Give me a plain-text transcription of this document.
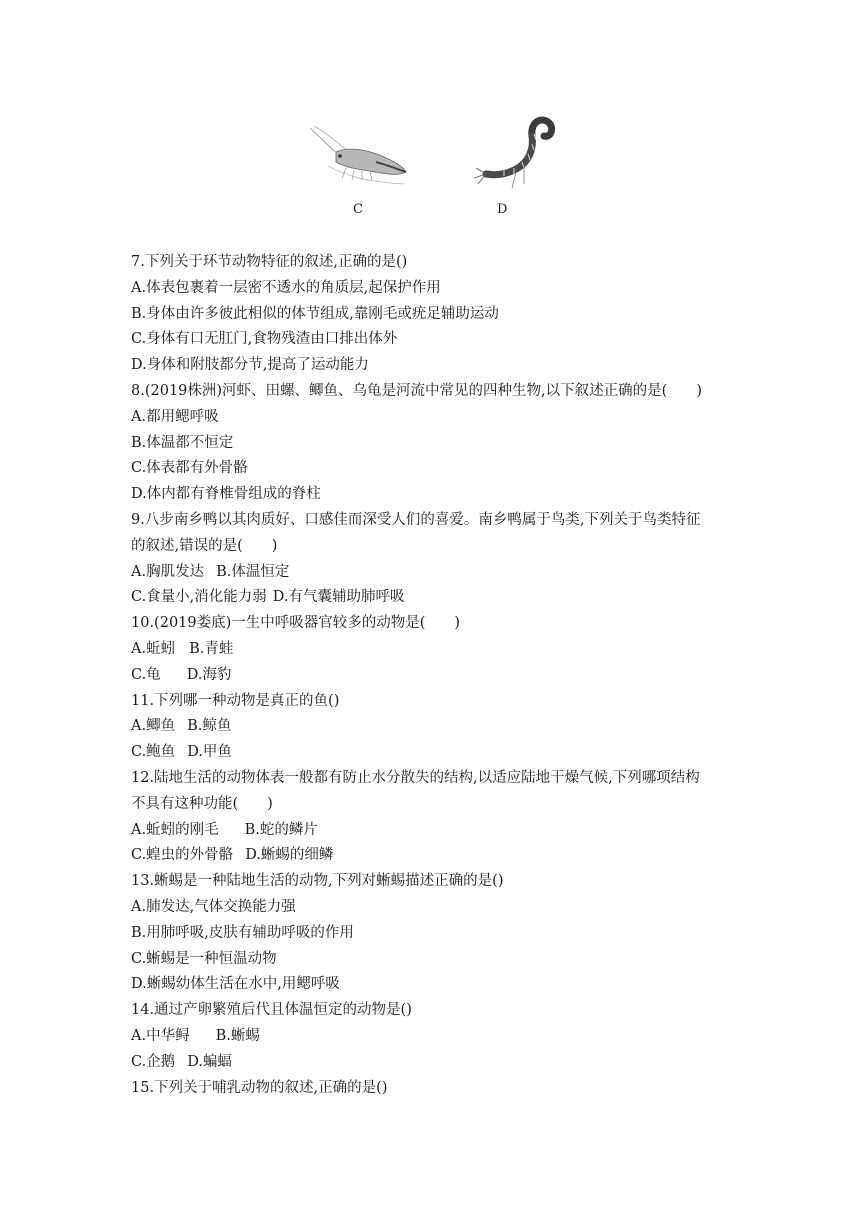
C	D
7.下列关于环节动物特征的叙述,正确的是()
A.体表包裹着一层密不透水的角质层,起保护作用
B.身体由许多彼此相似的体节组成,靠刚毛或疣足辅助运动
C.身体有口无肛门,食物残渣由口排出体外
D.身体和附肢都分节,提高了运动能力
8.(2019株洲)河虾、田螺、鲫鱼、乌龟是河流中常见的四种生物,以下叙述正确的是(　　)
A.都用鳃呼吸
B.体温都不恒定
C.体表都有外骨骼
D.体内都有脊椎骨组成的脊柱
9.八步南乡鸭以其肉质好、口感佳而深受人们的喜爱。南乡鸭属于鸟类,下列关于鸟类特征
的叙述,错误的是(　　)
A.胸肌发达 B.体温恒定
C.食量小,消化能力弱 D.有气囊辅助肺呼吸
10.(2019娄底)一生中呼吸器官较多的动物是(　　)
A.蚯蚓 B.青蛙
C.龟 D.海豹
11.下列哪一种动物是真正的鱼()
A.鲫鱼 B.鲸鱼
C.鲍鱼 D.甲鱼
12.陆地生活的动物体表一般都有防止水分散失的结构,以适应陆地干燥气候,下列哪项结构
不具有这种功能(　　)
A.蚯蚓的刚毛 B.蛇的鳞片
C.蝗虫的外骨骼 D.蜥蜴的细鳞
13.蜥蜴是一种陆地生活的动物,下列对蜥蜴描述正确的是()
A.肺发达,气体交换能力强
B.用肺呼吸,皮肤有辅助呼吸的作用
C.蜥蜴是一种恒温动物
D.蜥蜴幼体生活在水中,用鳃呼吸
14.通过产卵繁殖后代且体温恒定的动物是()
A.中华鲟 B.蜥蜴
C.企鹅 D.蝙蝠
15.下列关于哺乳动物的叙述,正确的是()
